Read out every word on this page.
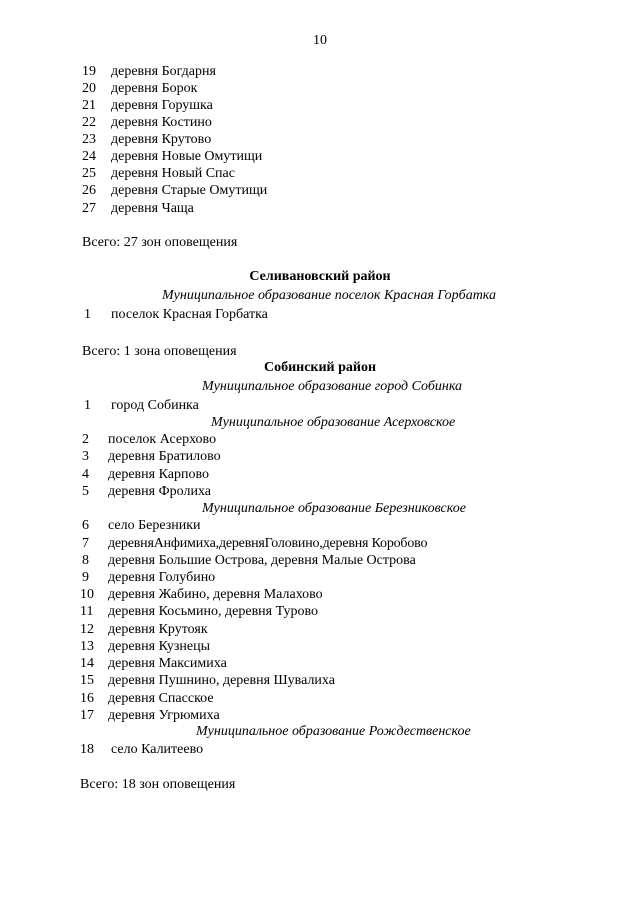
10
19 деревня Богдарня
20 деревня Борок
21 деревня Горушка
22 деревня Костино
23 деревня Крутово
24 деревня Новые Омутищи
25 деревня Новый Спас
26 деревня Старые Омутищи
27 деревня Чаща
Всего: 27 зон оповещения
Селивановский район
Муниципальное образование поселок Красная Горбатка
1 поселок Красная Горбатка
Всего: 1 зона оповещения
Собинский район
Муниципальное образование город Собинка
1 город Собинка
Муниципальное образование Асерховское
2 поселок Асерхово
3 деревня Братилово
4 деревня Карпово
5 деревня Фролиха
Муниципальное образование Березниковское
6 село Березники
7 деревняАнфимиха,деревняГоловино,деревня Коробово
8 деревня Большие Острова, деревня Малые Острова
9 деревня Голубино
10 деревня Жабино, деревня Малахово
11 деревня Косьмино, деревня Турово
12 деревня Крутояк
13 деревня Кузнецы
14 деревня Максимиха
15 деревня Пушнино, деревня Шувалиха
16 деревня Спасское
17 деревня Угрюмиха
Муниципальное образование Рождественское
18 село Калитеево
Всего: 18 зон оповещения
